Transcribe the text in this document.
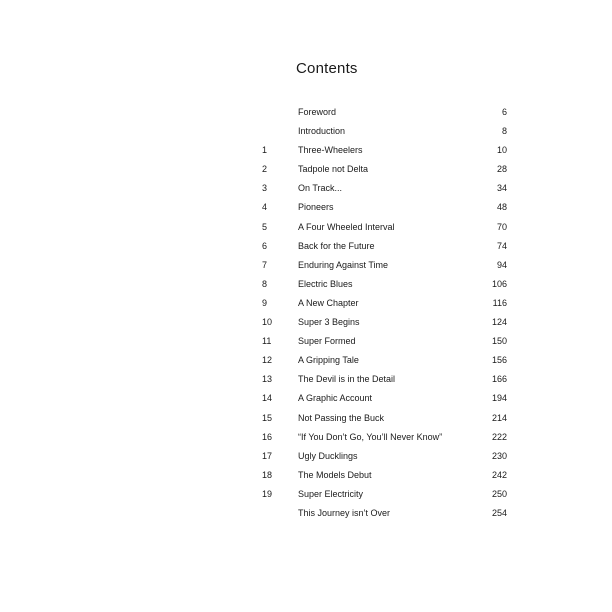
Contents
Foreword	6
Introduction	8
1	Three-Wheelers	10
2	Tadpole not Delta	28
3	On Track...	34
4	Pioneers	48
5	A Four Wheeled Interval	70
6	Back for the Future	74
7	Enduring Against Time	94
8	Electric Blues	106
9	A New Chapter	116
10	Super 3 Begins	124
11	Super Formed	150
12	A Gripping Tale	156
13	The Devil is in the Detail	166
14	A Graphic Account	194
15	Not Passing the Buck	214
16	“If You Don’t Go, You’ll Never Know”	222
17	Ugly Ducklings	230
18	The Models Debut	242
19	Super Electricity	250
This Journey isn’t Over	254
